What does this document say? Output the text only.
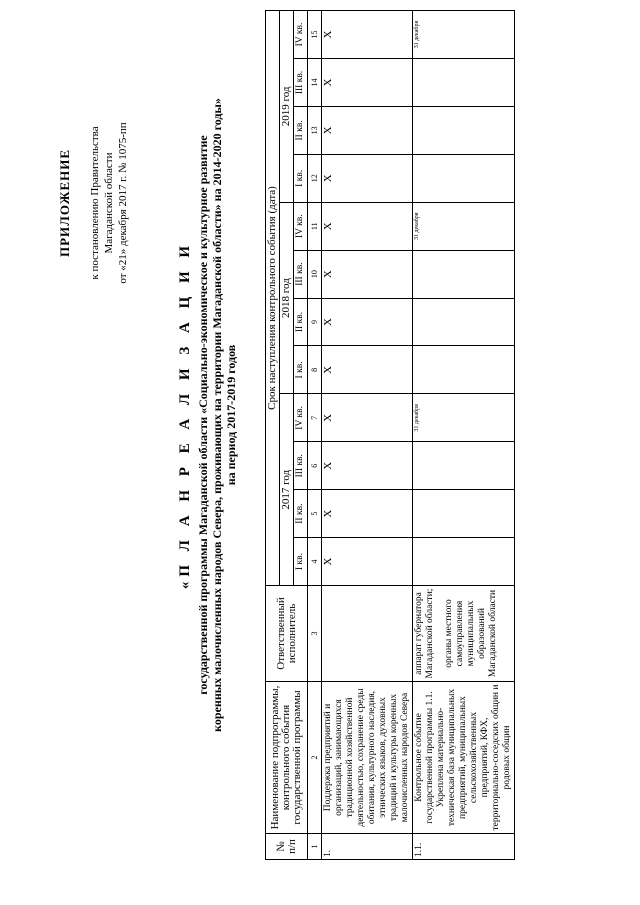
ПРИЛОЖЕНИЕ к постановлению Правительства Магаданской области от «21» декабря 2017 г. № 1075-пп
«П Л А Н Р Е А Л И З А Ц И И государственной программы Магаданской области «Социально-экономическое и культурное развитие коренных малочисленных народов Севера, проживающих на территории Магаданской области» на 2014-2020 годы» на период 2017-2019 годов
№ п/п	Наименование подпрограммы, контрольного события государственной программы	Ответственный исполнитель	Срок наступления контрольного события (дата)											
			2017 год				2018 год				2019 год			
			I кв.	II кв.	III кв.	IV кв.	I кв.	II кв.	III кв.	IV кв.	I кв.	II кв.	III кв.	IV кв.
1	2	3	4	5	6	7	8	9	10	11	12	13	14	15
1.	Поддержка предприятий и организаций, занимающихся традиционной хозяйственной деятельностью, сохранение среды обитания, культурного наследия, этнических языков, духовных традиций и культуры коренных малочисленных народов Севера		X	X	X	X	X	X	X	X	X	X	X	X
1.1.	Контрольное событие государственной программы 1.1. Укреплена материально-техническая база муниципальных предприятий, муниципальных сельскохозяйственных предприятий, КФХ, территориально-соседских общин и родовых общин	аппарат губернатора Магаданской области; органы местного самоуправления муниципальных образований Магаданской области				31 декабря				31 декабря				31 декабря
